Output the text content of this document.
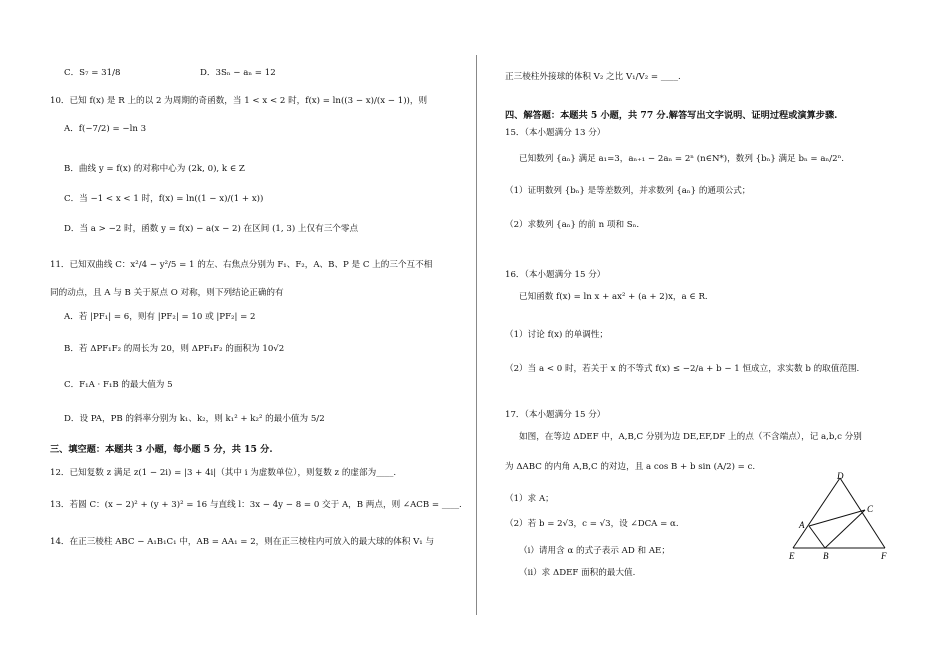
C．S₇ = 31/8	D．3Sₙ − aₙ = 12
10．已知 f(x) 是 R 上的以 2 为周期的奇函数，当 1 < x < 2 时，f(x) = ln((3 − x)/(x − 1))，则
A．f(−7/2) = −ln 3
B．曲线 y = f(x) 的对称中心为 (2k, 0), k ∈ Z
C．当 −1 < x < 1 时，f(x) = ln((1 − x)/(1 + x))
D．当 a > −2 时，函数 y = f(x) − a(x − 2) 在区间 (1, 3) 上仅有三个零点
11．已知双曲线 C：x²/4 − y²/5 = 1 的左、右焦点分别为 F₁、F₂，A、B、P 是 C 上的三个互不相
同的动点，且 A 与 B 关于原点 O 对称，则下列结论正确的有
A．若 |PF₁| = 6，则有 |PF₂| = 10 或 |PF₂| = 2
B．若 ΔPF₁F₂ 的周长为 20，则 ΔPF₁F₂ 的面积为 10√2
C．F₁A · F₁B 的最大值为 5
D．设 PA，PB 的斜率分别为 k₁、k₂，则 k₁² + k₂² 的最小值为 5/2
三、填空题：本题共 3 小题，每小题 5 分，共 15 分.
12．已知复数 z 满足 z(1 − 2i) = |3 + 4i|（其中 i 为虚数单位），则复数 z 的虚部为____.
13．若圆 C：(x − 2)² + (y + 3)² = 16 与直线 l：3x − 4y − 8 = 0 交于 A，B 两点，则 ∠ACB = ____.
14．在正三棱柱 ABC − A₁B₁C₁ 中，AB = AA₁ = 2，则在正三棱柱内可放入的最大球的体积 V₁ 与
正三棱柱外接球的体积 V₂ 之比 V₁/V₂ = ____.
四、解答题：本题共 5 小题，共 77 分.解答写出文字说明、证明过程或演算步骤.
15．（本小题满分 13 分）
已知数列 {aₙ} 满足 a₁=3，aₙ₊₁ − 2aₙ = 2ⁿ (n∈N*)，数列 {bₙ} 满足 bₙ = aₙ/2ⁿ.
（1）证明数列 {bₙ} 是等差数列，并求数列 {aₙ} 的通项公式；
（2）求数列 {aₙ} 的前 n 项和 Sₙ.
16．（本小题满分 15 分）
已知函数 f(x) = ln x + ax² + (a + 2)x，a ∈ R.
（1）讨论 f(x) 的单调性；
（2）当 a < 0 时，若关于 x 的不等式 f(x) ≤ −2/a + b − 1 恒成立，求实数 b 的取值范围.
17．（本小题满分 15 分）
如图，在等边 ΔDEF 中，A,B,C 分别为边 DE,EF,DF 上的点（不含端点），记 a,b,c 分别
为 ΔABC 的内角 A,B,C 的对边，且 a cos B + b sin (A/2) = c.
（1）求 A；
（2）若 b = 2√3，c = √3，设 ∠DCA = α.
（i）请用含 α 的式子表示 AD 和 AE；
（ii）求 ΔDEF 面积的最大值.
D
C
A
E	B	F
